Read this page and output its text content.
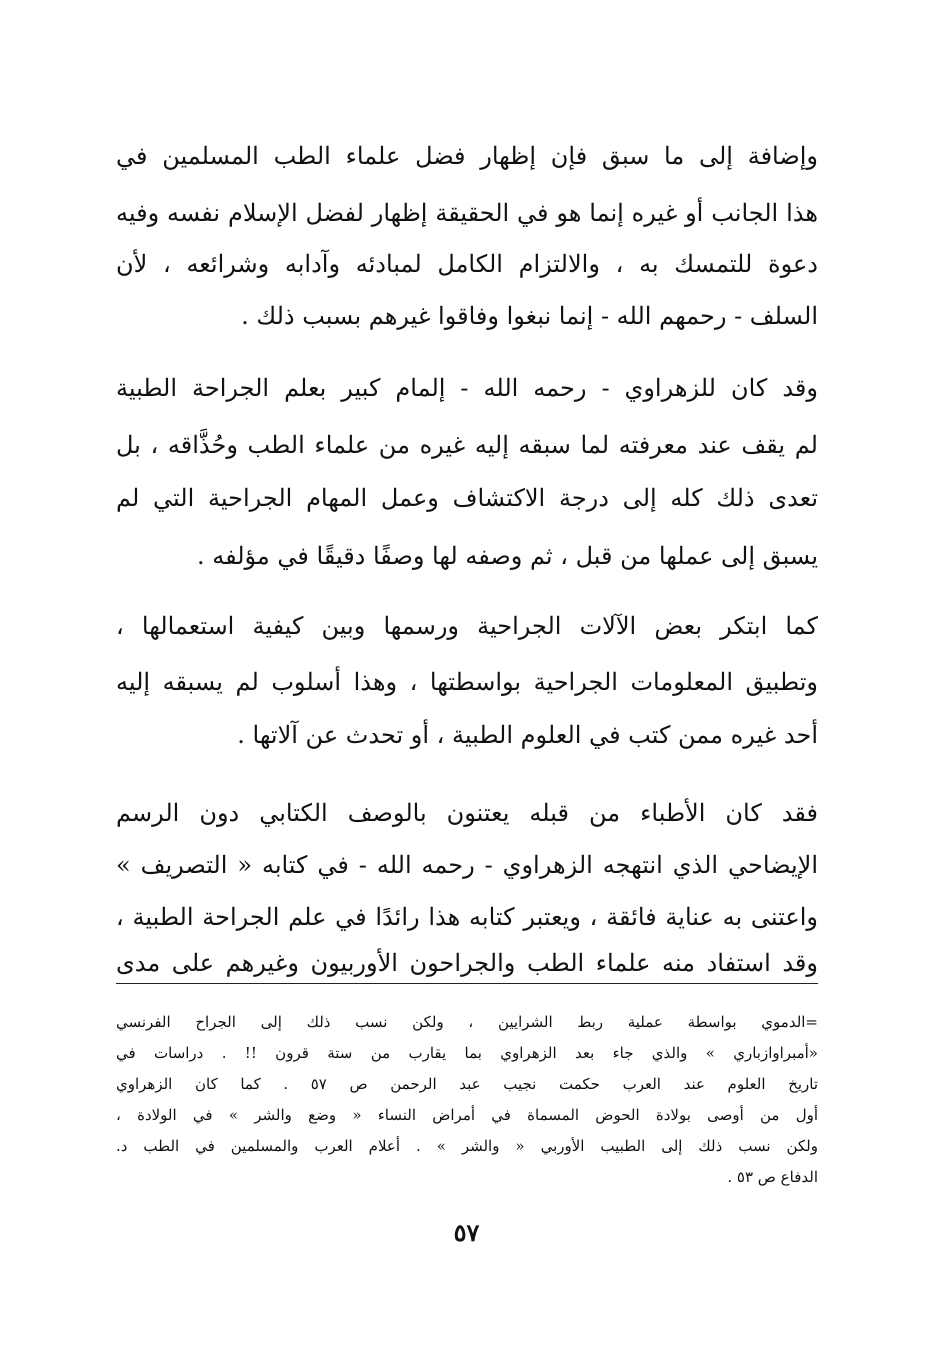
وإضافة إلى ما سبق فإن إظهار فضل علماء الطب المسلمين في
هذا الجانب أو غيره إنما هو في الحقيقة إظهار لفضل الإسلام نفسه وفيه
دعوة للتمسك به ، والالتزام الكامل لمبادئه وآدابه وشرائعه ، لأن
السلف - رحمهم الله - إنما نبغوا وفاقوا غيرهم بسبب ذلك .
وقد كان للزهراوي - رحمه الله - إلمام كبير بعلم الجراحة الطبية
لم يقف عند معرفته لما سبقه إليه غيره من علماء الطب وحُذَّاقه ، بل
تعدى ذلك كله إلى درجة الاكتشاف وعمل المهام الجراحية التي لم
يسبق إلى عملها من قبل ، ثم وصفه لها وصفًا دقيقًا في مؤلفه .
كما ابتكر بعض الآلات الجراحية ورسمها وبين كيفية استعمالها ،
وتطبيق المعلومات الجراحية بواسطتها ، وهذا أسلوب لم يسبقه إليه
أحد غيره ممن كتب في العلوم الطبية ، أو تحدث عن آلاتها .
فقد كان الأطباء من قبله يعتنون بالوصف الكتابي دون الرسم
الإيضاحي الذي انتهجه الزهراوي - رحمه الله - في كتابه « التصريف »
واعتنى به عناية فائقة ، ويعتبر كتابه هذا رائدًا في علم الجراحة الطبية ،
وقد استفاد منه علماء الطب والجراحون الأوربيون وغيرهم على مدى
=الدموي بواسطة عملية ربط الشرايين ، ولكن نسب ذلك إلى الجراح الفرنسي
«أمبراوازباري » والذي جاء بعد الزهراوي بما يقارب من ستة قرون !! . دراسات في
تاريخ العلوم عند العرب حكمت نجيب عبد الرحمن ص ٥٧ . كما كان الزهراوي
أول من أوصى بولادة الحوض المسماة في أمراض النساء « وضع والشر » في الولادة ،
ولكن نسب ذلك إلى الطبيب الأوربي « والشر » . أعلام العرب والمسلمين في الطب د.
الدفاع ص ٥٣ .
٥٧
